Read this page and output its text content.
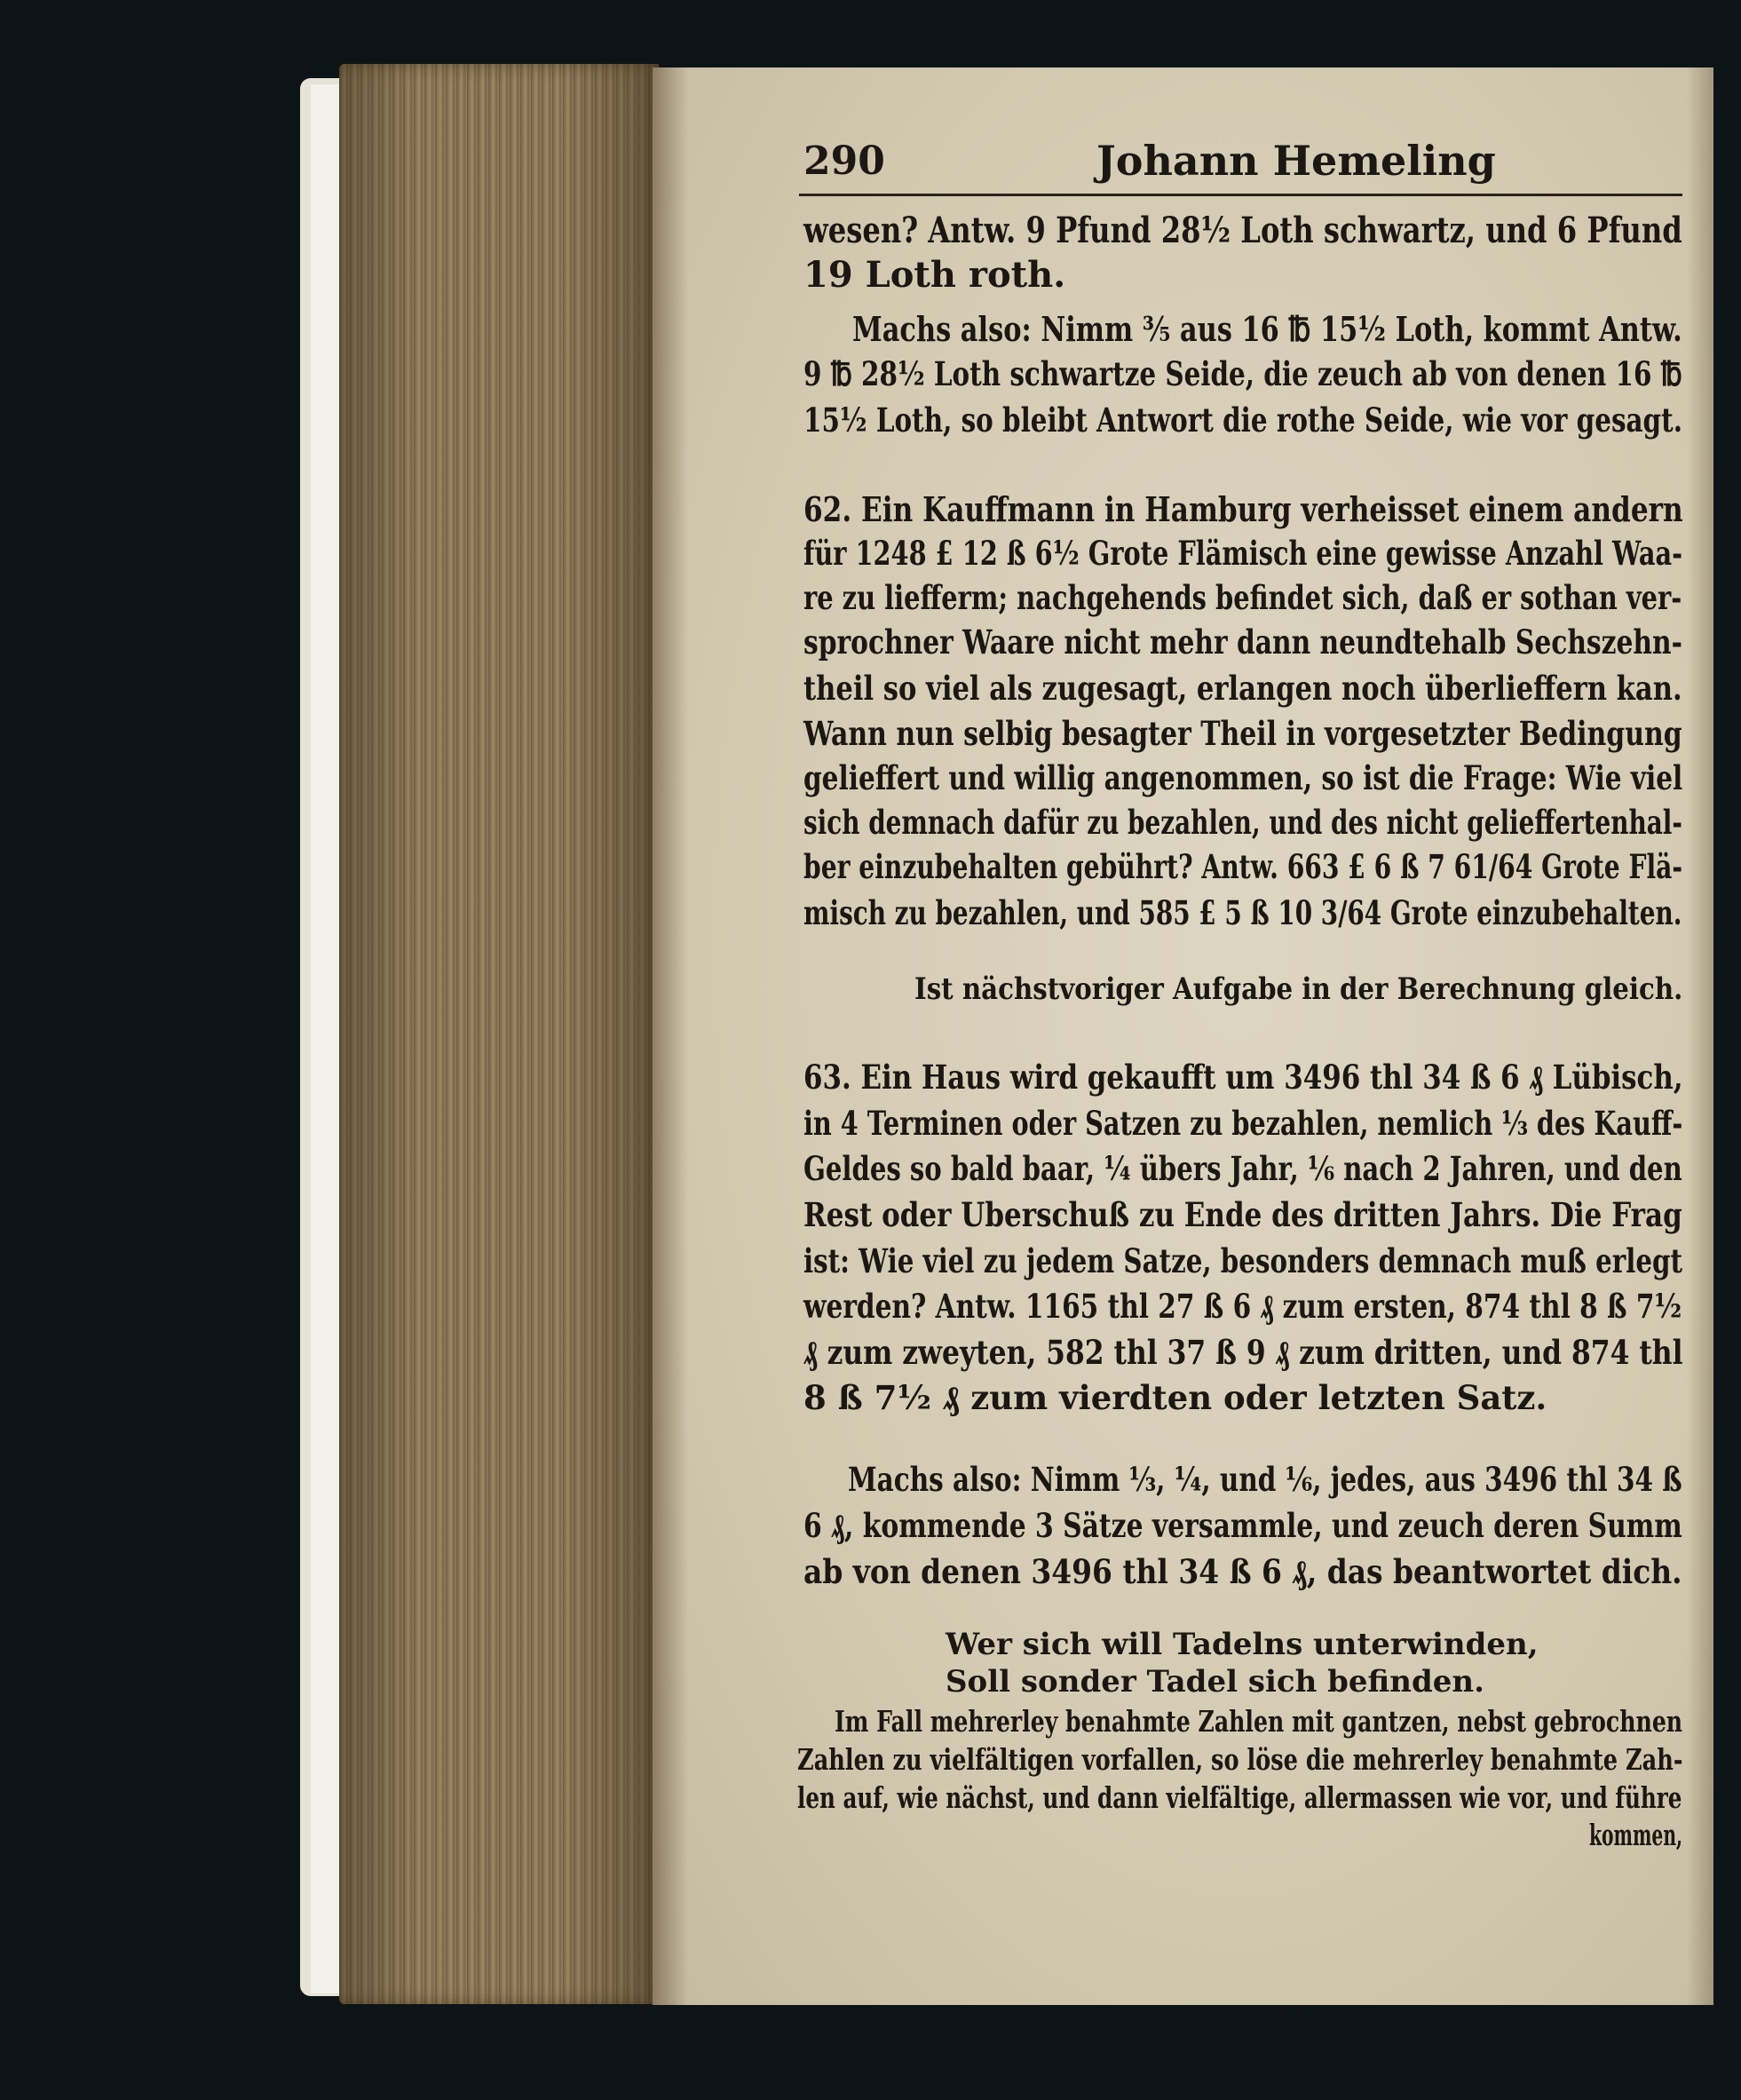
290	Johann Hemeling
wesen? Antw. 9 Pfund 28½ Loth schwartz, und 6 Pfund
19 Loth roth.
Machs also: Nimm ⅗ aus 16 ℔ 15½ Loth, kommt Antw.
9 ℔ 28½ Loth schwartze Seide, die zeuch ab von denen 16 ℔
15½ Loth, so bleibt Antwort die rothe Seide, wie vor gesagt.
62. Ein Kauffmann in Hamburg verheisset einem andern
für 1248 £ 12 ß 6½ Grote Flämisch eine gewisse Anzahl Waa-
re zu liefferm; nachgehends befindet sich, daß er sothan ver-
sprochner Waare nicht mehr dann neundtehalb Sechszehn-
theil so viel als zugesagt, erlangen noch überlieffern kan.
Wann nun selbig besagter Theil in vorgesetzter Bedingung
gelieffert und willig angenommen, so ist die Frage: Wie viel
sich demnach dafür zu bezahlen, und des nicht gelieffertenhal-
ber einzubehalten gebührt? Antw. 663 £ 6 ß 7 61/64 Grote Flä-
misch zu bezahlen, und 585 £ 5 ß 10 3/64 Grote einzubehalten.
Ist nächstvoriger Aufgabe in der Berechnung gleich.
63. Ein Haus wird gekaufft um 3496 thl 34 ß 6 ₰ Lübisch,
in 4 Terminen oder Satzen zu bezahlen, nemlich ⅓ des Kauff-
Geldes so bald baar, ¼ übers Jahr, ⅙ nach 2 Jahren, und den
Rest oder Uberschuß zu Ende des dritten Jahrs. Die Frag
ist: Wie viel zu jedem Satze, besonders demnach muß erlegt
werden? Antw. 1165 thl 27 ß 6 ₰ zum ersten, 874 thl 8 ß 7½
₰ zum zweyten, 582 thl 37 ß 9 ₰ zum dritten, und 874 thl
8 ß 7½ ₰ zum vierdten oder letzten Satz.
Machs also: Nimm ⅓, ¼, und ⅙, jedes, aus 3496 thl 34 ß
6 ₰, kommende 3 Sätze versammle, und zeuch deren Summ
ab von denen 3496 thl 34 ß 6 ₰, das beantwortet dich.
Wer sich will Tadelns unterwinden,
Soll sonder Tadel sich befinden.
Im Fall mehrerley benahmte Zahlen mit gantzen, nebst gebrochnen
Zahlen zu vielfältigen vorfallen, so löse die mehrerley benahmte Zah-
len auf, wie nächst, und dann vielfältige, allermassen wie vor, und führe
kommen,
